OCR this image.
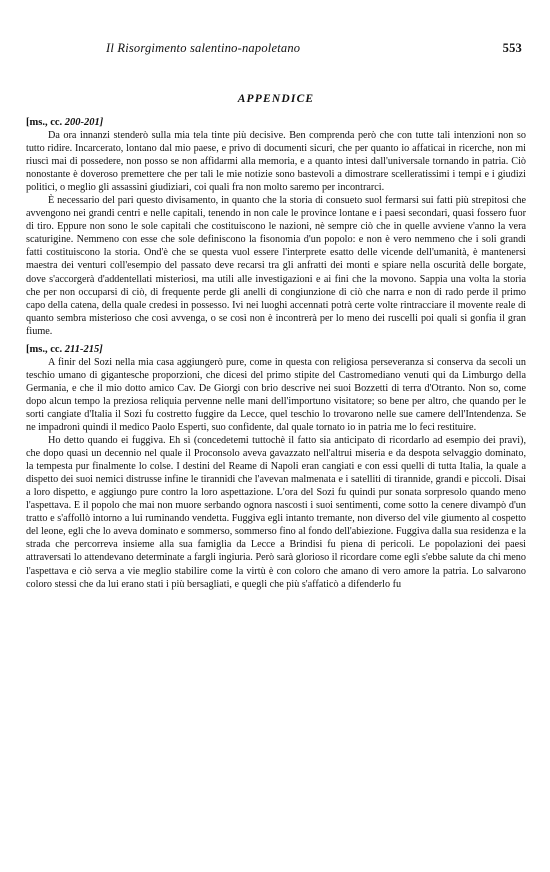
Il Risorgimento salentino-napoletano	553
APPENDICE
[ms., cc. 200-201]

Da ora innanzi stenderò sulla mia tela tinte più decisive. Ben comprenda però che con tutte tali intenzioni non so tutto ridire. Incarcerato, lontano dal mio paese, e privo di documenti sicuri, che per quanto io affaticai in ricerche, non mi riuscì mai di possedere, non posso se non affidarmi alla memoria, e a quanto intesi dall'universale tornando in patria. Ciò nonostante è doveroso premettere che per tali le mie notizie sono bastevoli a dimostrare scelleratissimi i tempi e i giudizi politici, o meglio gli assassini giudiziari, coi quali fra non molto saremo per incontrarci.

È necessario del pari questo divisamento, in quanto che la storia di consueto suol fermarsi sui fatti più strepitosi che avvengono nei grandi centri e nelle capitali, tenendo in non cale le province lontane e i paesi secondari, quasi fossero fuor di tiro. Eppure non sono le sole capitali che costituiscono le nazioni, nè sempre ciò che in quelle avviene v'anno la vera scaturigine. Nemmeno con esse che sole definiscono la fisonomia d'un popolo: e non è vero nemmeno che i soli grandi fatti costituiscono la storia. Ond'è che se questa vuol essere l'interprete esatto delle vicende dell'umanità, è mantenersi maestra dei venturi coll'esempio del passato deve recarsi tra gli anfratti dei monti e spiare nella oscurità delle borgate, dove s'accorgerà d'addentellati misteriosi, ma utili alle investigazioni e ai fini che la movono. Sappia una volta la storia che per non occuparsi di ciò, di frequente perde gli anelli di congiunzione di ciò che narra e non di rado perde il primo capo della catena, della quale credesi in possesso. Ivi nei luoghi accennati potrà certe volte rintracciare il movente reale di quanto sembra misterioso che così avvenga, o se così non è incontrerà per lo meno dei ruscelli poi quali si gonfia il gran fiume.

[ms., cc. 211-215]

A finir del Sozi nella mia casa aggiungerò pure, come in questa con religiosa perseveranza si conserva da secoli un teschio umano di gigantesche proporzioni, che dicesi del primo stipite del Castromediano venuti qui da Limburgo della Germania, e che il mio dotto amico Cav. De Giorgi con brio descrive nei suoi Bozzetti di terra d'Otranto. Non so, come dopo alcun tempo la preziosa reliquia pervenne nelle mani dell'importuno visitatore; so bene per altro, che quando per le sorti cangiate d'Italia il Sozi fu costretto fuggire da Lecce, quel teschio lo trovarono nelle sue camere dell'Intendenza. Se ne impadronì quindi il medico Paolo Esperti, suo confidente, dal quale tornato io in patria me lo feci restituire.

Ho detto quando ei fuggiva. Eh sì (concedetemi tuttochè il fatto sia anticipato di ricordarlo ad esempio dei pravi), che dopo quasi un decennio nel quale il Proconsolo aveva gavazzato nell'altrui miseria e da despota selvaggio dominato, la tempesta pur finalmente lo colse. I destini del Reame di Napoli eran cangiati e con essi quelli di tutta Italia, la quale a dispetto dei suoi nemici distrusse infine le tirannidi che l'avevan malmenata e i satelliti di tirannide, grandi e piccoli. Disai a loro dispetto, e aggiungo pure contro la loro aspettazione. L'ora del Sozi fu quindi pur sonata sorpresolo quando meno l'aspettava. E il popolo che mai non muore serbando ognora nascosti i suoi sentimenti, come sotto la cenere divampò d'un tratto e s'affollò intorno a lui ruminando vendetta. Fuggiva egli intanto tremante, non diverso del vile giumento al cospetto del leone, egli che lo aveva dominato e sommerso, sommerso fino al fondo dell'abiezione. Fuggiva dalla sua residenza e la strada che percorreva insieme alla sua famiglia da Lecce a Brindisi fu piena di pericoli. Le popolazioni dei paesi attraversati lo attendevano determinate a fargli ingiuria. Però sarà glorioso il ricordare come egli s'ebbe salute da chi meno l'aspettava e ciò serva a vie meglio stabilire come la virtù è con coloro che amano di vero amore la patria. Lo salvarono coloro stessi che da lui erano stati i più bersagliati, e quegli che più s'affaticò a difenderlo fu
